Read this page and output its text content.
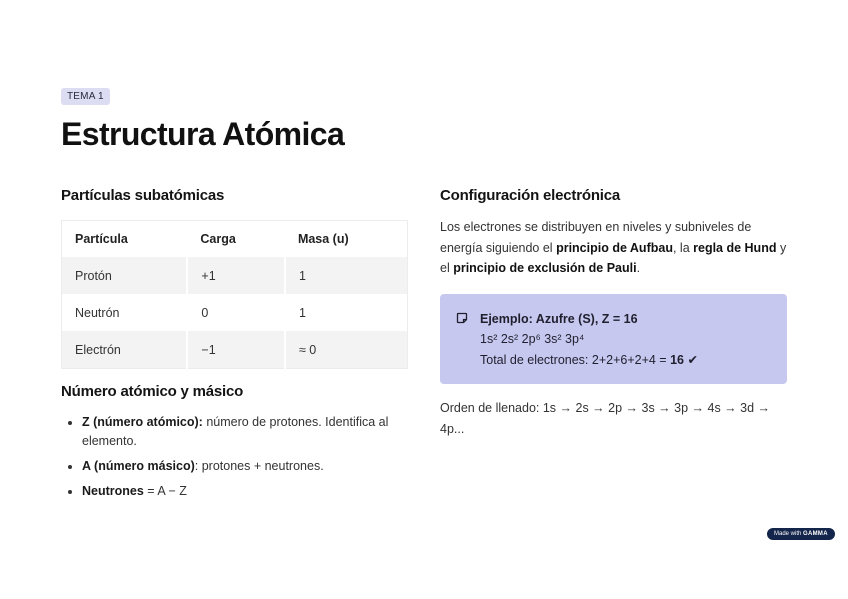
TEMA 1
Estructura Atómica
Partículas subatómicas
Partícula	Carga	Masa (u)
Protón	+1	1
Neutrón	0	1
Electrón	−1	≈ 0
Número atómico y másico
• Z (número atómico): número de protones. Identifica al elemento.
• A (número másico): protones + neutrones.
• Neutrones = A − Z
Configuración electrónica

Los electrones se distribuyen en niveles y subniveles de energía siguiendo el principio de Aufbau, la regla de Hund y el principio de exclusión de Pauli.

Ejemplo: Azufre (S), Z = 16
1s² 2s² 2p⁶ 3s² 3p⁴
Total de electrones: 2+2+6+2+4 = 16 ✔

Orden de llenado: 1s → 2s → 2p → 3s → 3p → 4s → 3d → 4p...

Made with GAMMA
